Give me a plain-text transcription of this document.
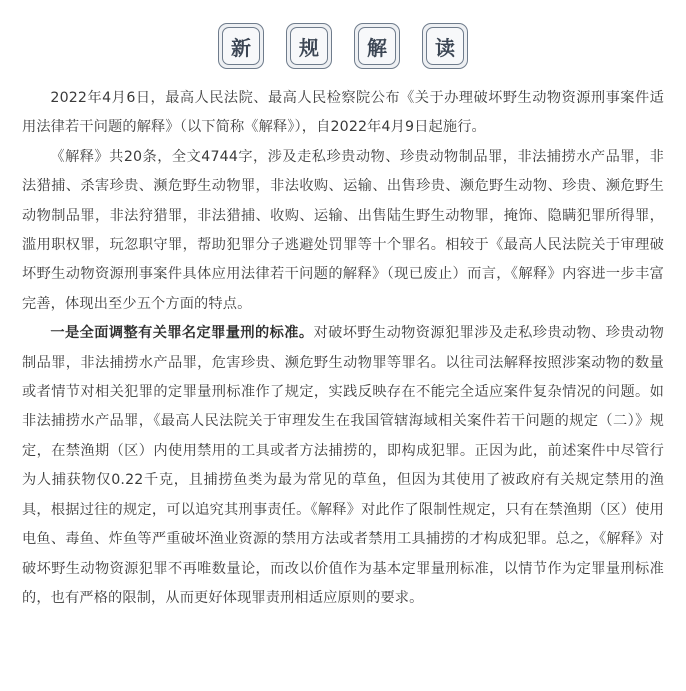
新	规	解	读

2022年4月6日，最高人民法院、最高人民检察院公布《关于办理破坏野生动物资源刑事案件适用法律若干问题的解释》（以下简称《解释》），自2022年4月9日起施行。

《解释》共20条，全文4744字，涉及走私珍贵动物、珍贵动物制品罪，非法捕捞水产品罪，非法猎捕、杀害珍贵、濒危野生动物罪，非法收购、运输、出售珍贵、濒危野生动物、珍贵、濒危野生动物制品罪，非法狩猎罪，非法猎捕、收购、运输、出售陆生野生动物罪，掩饰、隐瞒犯罪所得罪，滥用职权罪，玩忽职守罪，帮助犯罪分子逃避处罚罪等十个罪名。相较于《最高人民法院关于审理破坏野生动物资源刑事案件具体应用法律若干问题的解释》（现已废止）而言，《解释》内容进一步丰富完善，体现出至少五个方面的特点。

一是全面调整有关罪名定罪量刑的标准。对破坏野生动物资源犯罪涉及走私珍贵动物、珍贵动物制品罪，非法捕捞水产品罪，危害珍贵、濒危野生动物罪等罪名。以往司法解释按照涉案动物的数量或者情节对相关犯罪的定罪量刑标准作了规定，实践反映存在不能完全适应案件复杂情况的问题。如非法捕捞水产品罪，《最高人民法院关于审理发生在我国管辖海域相关案件若干问题的规定（二）》规定，在禁渔期（区）内使用禁用的工具或者方法捕捞的，即构成犯罪。正因为此，前述案件中尽管行为人捕获物仅0.22千克，且捕捞鱼类为最为常见的草鱼，但因为其使用了被政府有关规定禁用的渔具，根据过往的规定，可以追究其刑事责任。《解释》对此作了限制性规定，只有在禁渔期（区）使用电鱼、毒鱼、炸鱼等严重破坏渔业资源的禁用方法或者禁用工具捕捞的才构成犯罪。总之，《解释》对破坏野生动物资源犯罪不再唯数量论，而改以价值作为基本定罪量刑标准，以情节作为定罪量刑标准的，也有严格的限制，从而更好体现罪责刑相适应原则的要求。
